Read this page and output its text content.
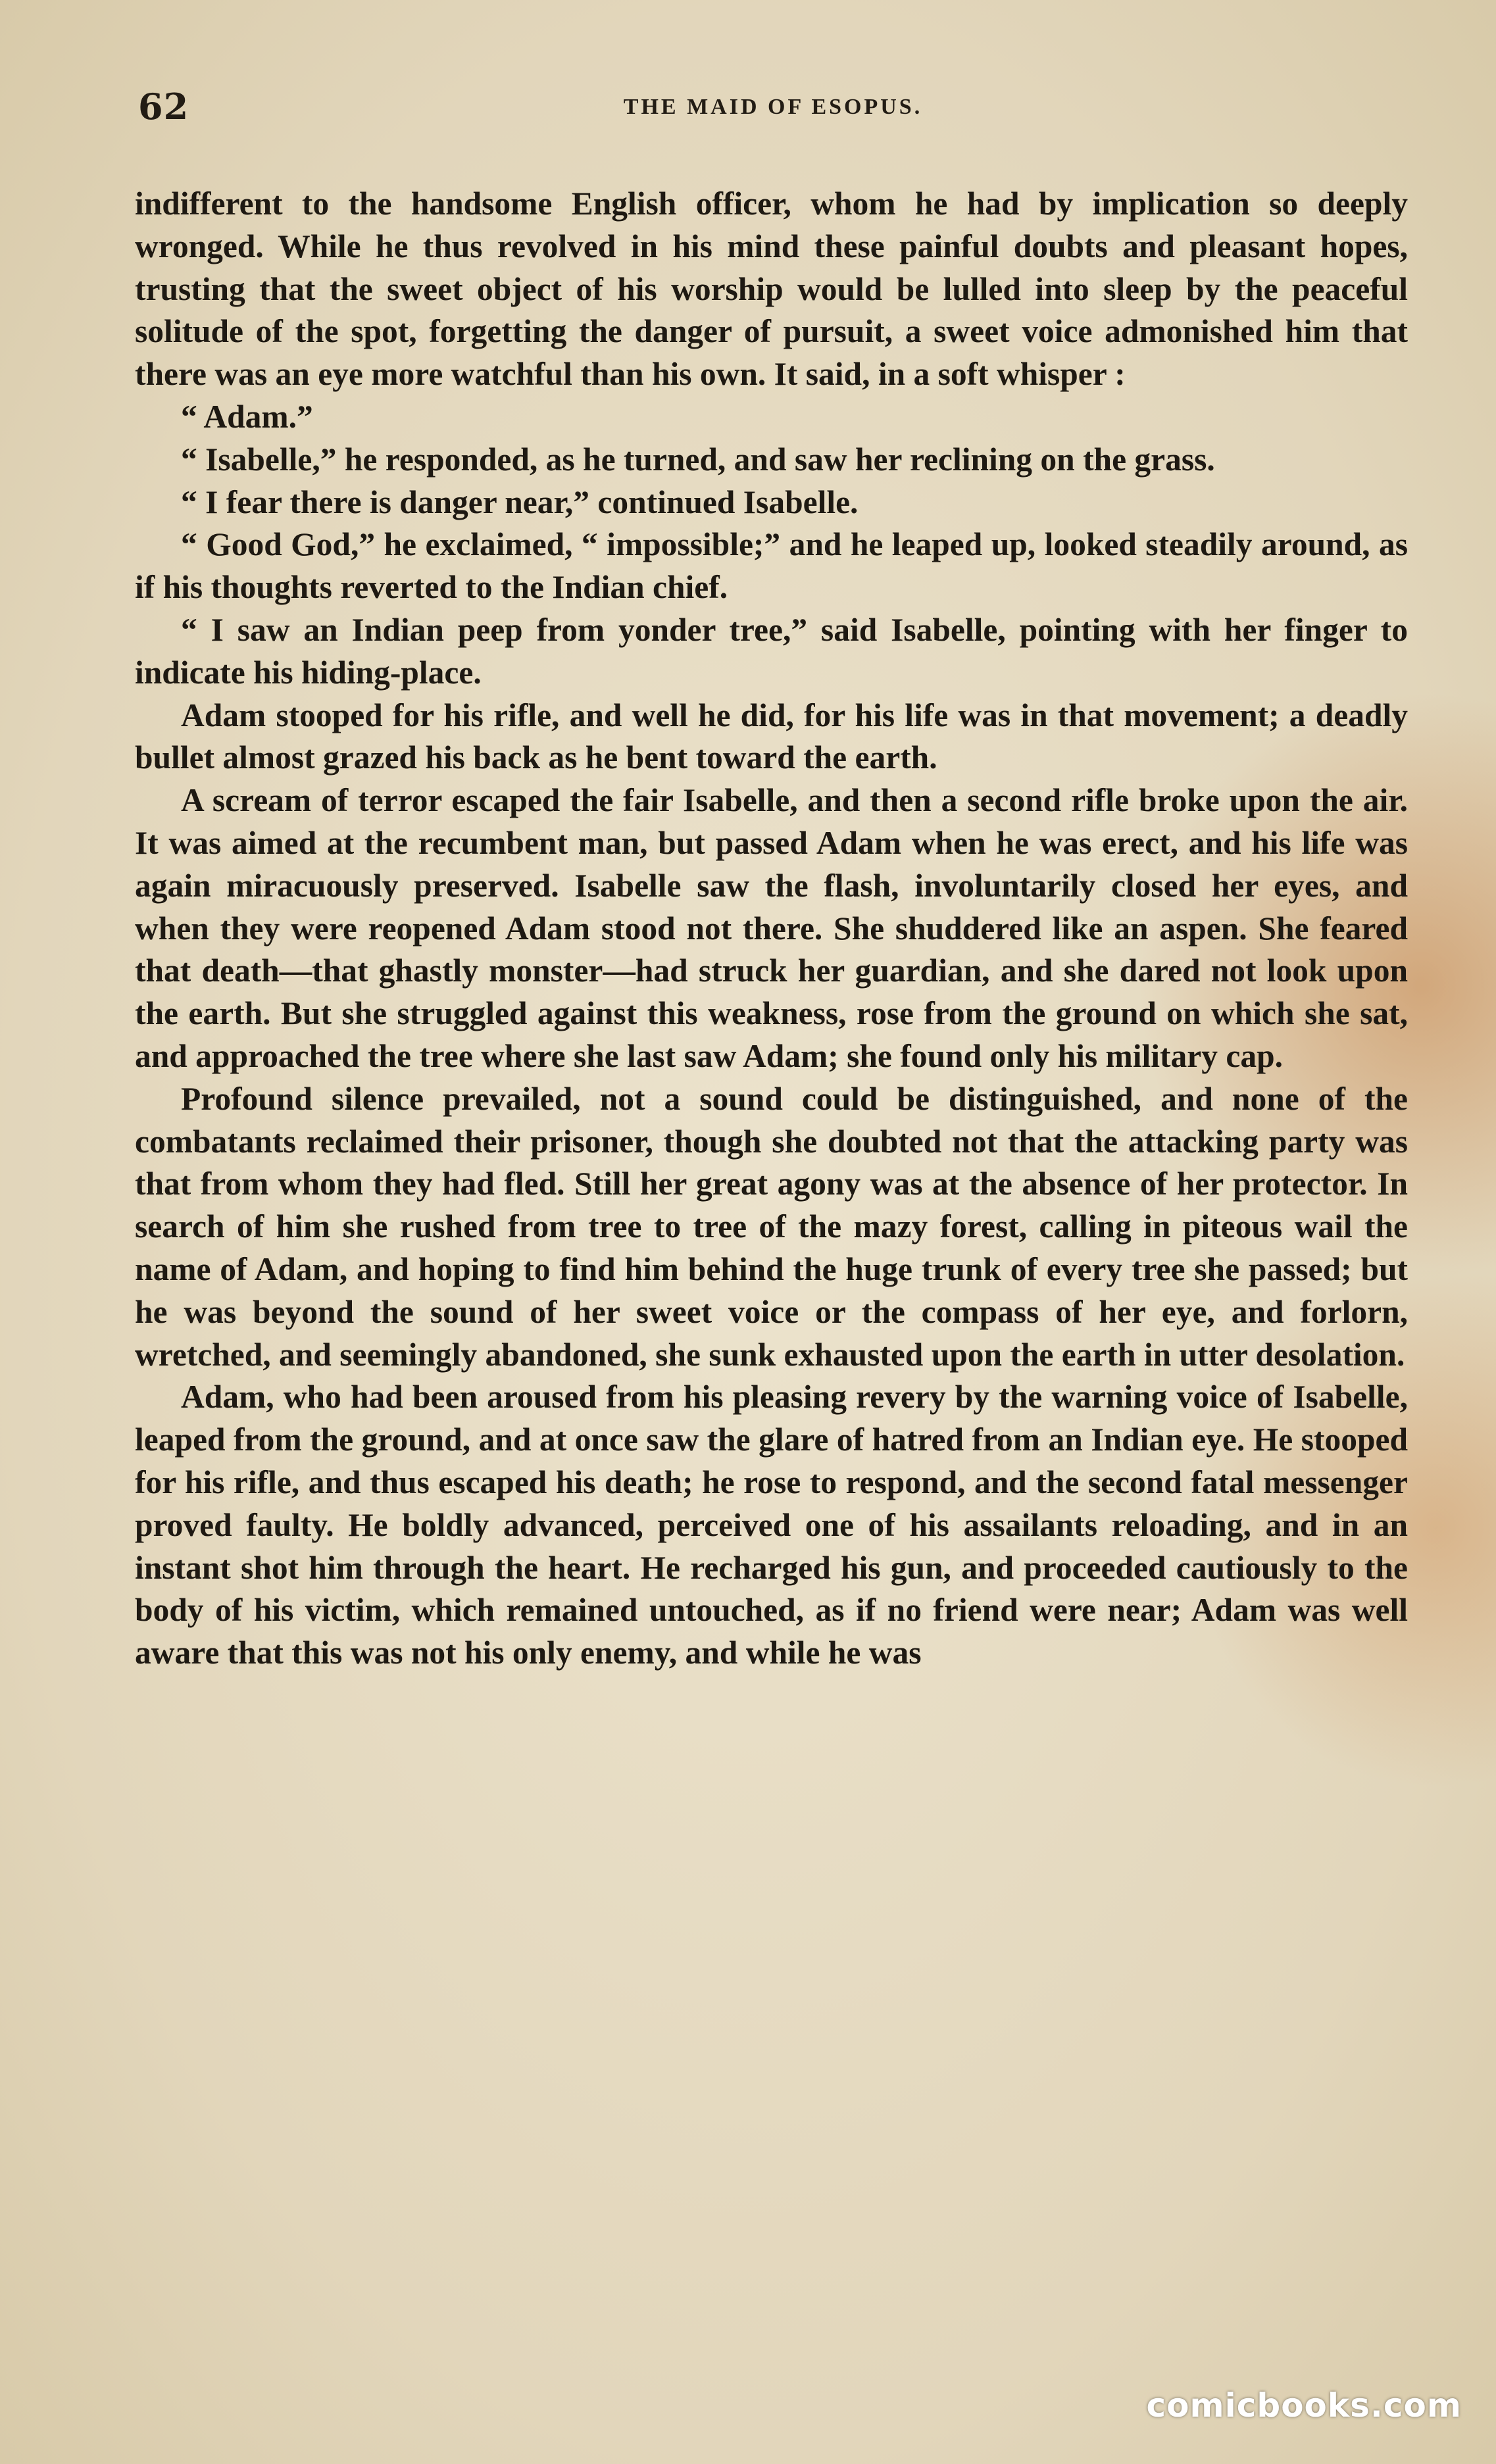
62	THE MAID OF ESOPUS.

indifferent to the handsome English officer, whom he had by implication so deeply wronged. While he thus revolved in his mind these painful doubts and pleasant hopes, trusting that the sweet object of his worship would be lulled into sleep by the peaceful solitude of the spot, forgetting the danger of pursuit, a sweet voice admonished him that there was an eye more watchful than his own. It said, in a soft whisper :

“ Adam.”

“ Isabelle,” he responded, as he turned, and saw her reclining on the grass.

“ I fear there is danger near,” continued Isabelle.

“ Good God,” he exclaimed, “ impossible;” and he leaped up, looked steadily around, as if his thoughts reverted to the Indian chief.

“ I saw an Indian peep from yonder tree,” said Isabelle, pointing with her finger to indicate his hiding-place.

Adam stooped for his rifle, and well he did, for his life was in that movement; a deadly bullet almost grazed his back as he bent toward the earth.

A scream of terror escaped the fair Isabelle, and then a second rifle broke upon the air. It was aimed at the recumbent man, but passed Adam when he was erect, and his life was again miracuously preserved. Isabelle saw the flash, involuntarily closed her eyes, and when they were reopened Adam stood not there. She shuddered like an aspen. She feared that death—that ghastly monster—had struck her guardian, and she dared not look upon the earth. But she struggled against this weakness, rose from the ground on which she sat, and approached the tree where she last saw Adam; she found only his military cap.

Profound silence prevailed, not a sound could be distinguished, and none of the combatants reclaimed their prisoner, though she doubted not that the attacking party was that from whom they had fled. Still her great agony was at the absence of her protector. In search of him she rushed from tree to tree of the mazy forest, calling in piteous wail the name of Adam, and hoping to find him behind the huge trunk of every tree she passed; but he was beyond the sound of her sweet voice or the compass of her eye, and forlorn, wretched, and seemingly abandoned, she sunk exhausted upon the earth in utter desolation.

Adam, who had been aroused from his pleasing revery by the warning voice of Isabelle, leaped from the ground, and at once saw the glare of hatred from an Indian eye. He stooped for his rifle, and thus escaped his death; he rose to respond, and the second fatal messenger proved faulty. He boldly advanced, perceived one of his assailants reloading, and in an instant shot him through the heart. He recharged his gun, and proceeded cautiously to the body of his victim, which remained untouched, as if no friend were near; Adam was well aware that this was not his only enemy, and while he was

comicbooks.com
